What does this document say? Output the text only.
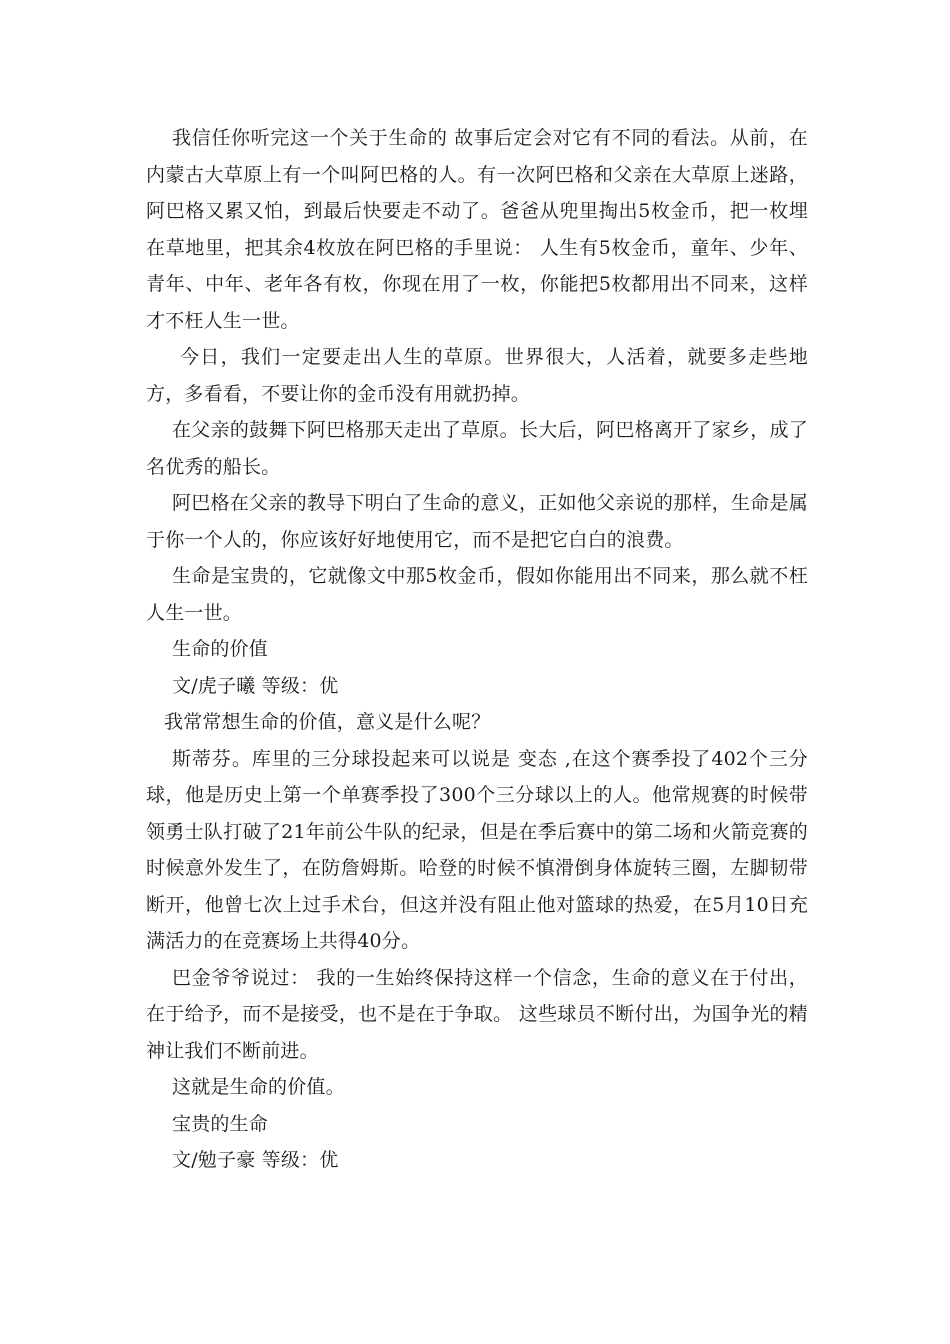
我信任你听完这一个关于生命的 故事后定会对它有不同的看法。从前，在内蒙古大草原上有一个叫阿巴格的人。有一次阿巴格和父亲在大草原上迷路，阿巴格又累又怕，到最后快要走不动了。爸爸从兜里掏出5枚金币，把一枚埋在草地里，把其余4枚放在阿巴格的手里说： 人生有5枚金币，童年、少年、青年、中年、老年各有枚，你现在用了一枚，你能把5枚都用出不同来，这样才不枉人生一世。

今日，我们一定要走出人生的草原。世界很大，人活着，就要多走些地方，多看看，不要让你的金币没有用就扔掉。

在父亲的鼓舞下阿巴格那天走出了草原。长大后，阿巴格离开了家乡，成了名优秀的船长。

阿巴格在父亲的教导下明白了生命的意义，正如他父亲说的那样，生命是属于你一个人的，你应该好好地使用它，而不是把它白白的浪费。

生命是宝贵的，它就像文中那5枚金币，假如你能用出不同来，那么就不枉人生一世。

生命的价值

文/虎子曦 等级：优

我常常想生命的价值，意义是什么呢？

斯蒂芬。库里的三分球投起来可以说是 变态 ,在这个赛季投了402个三分球，他是历史上第一个单赛季投了300个三分球以上的人。他常规赛的时候带领勇士队打破了21年前公牛队的纪录，但是在季后赛中的第二场和火箭竞赛的时候意外发生了，在防詹姆斯。哈登的时候不慎滑倒身体旋转三圈，左脚韧带断开，他曾七次上过手术台，但这并没有阻止他对篮球的热爱，在5月10日充满活力的在竞赛场上共得40分。

巴金爷爷说过： 我的一生始终保持这样一个信念，生命的意义在于付出，在于给予，而不是接受，也不是在于争取。 这些球员不断付出，为国争光的精神让我们不断前进。

这就是生命的价值。

宝贵的生命

文/勉子豪 等级：优
